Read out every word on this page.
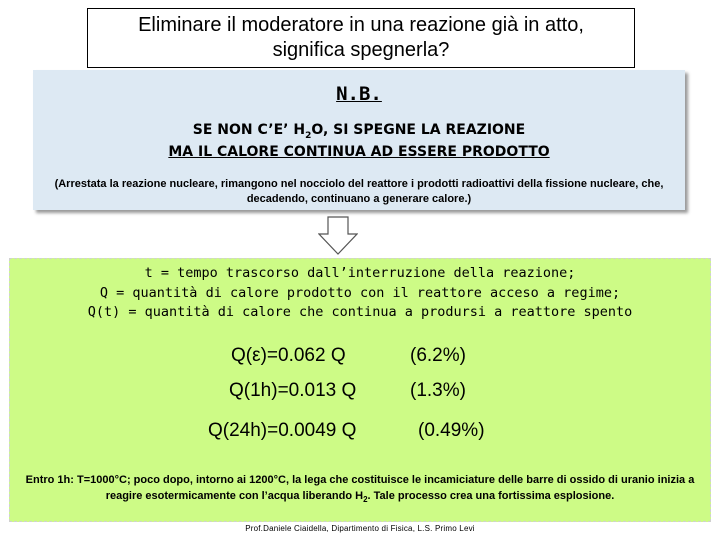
Eliminare il moderatore in una reazione già in atto,
significa spegnerla?
N.B.
SE NON C’E’ $H_2O$, SI SPEGNE LA REAZIONE
MA IL CALORE CONTINUA AD ESSERE PRODOTTO
(Arrestata la reazione nucleare, rimangono nel nocciolo del reattore i prodotti radioattivi della fissione nucleare, che, decadendo, continuano a generare calore.)
t = tempo trascorso dall’interruzione della reazione;
Q = quantità di calore prodotto con il reattore acceso a regime;
Q(t) = quantità di calore che continua a prodursi a reattore spento
Q(ε)=0.062 Q	(6.2%)
Q(1h)=0.013 Q	(1.3%)
Q(24h)=0.0049 Q	(0.49%)
Entro 1h: T=1000°C; poco dopo, intorno ai 1200°C, la lega che costituisce le incamiciature delle barre di ossido di uranio inizia a reagire esotermicamente con l’acqua liberando $H_2$. Tale processo crea una fortissima esplosione.
Prof.Daniele Ciaidella, Dipartimento di Fisica, L.S. Primo Levi
